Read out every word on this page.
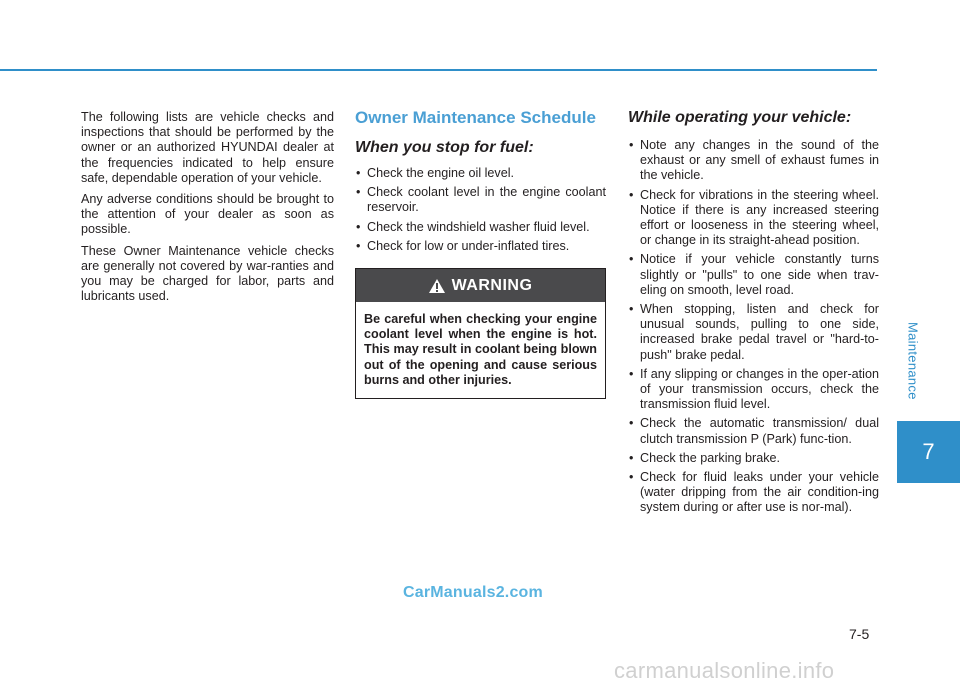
The following lists are vehicle checks and inspections that should be performed by the owner or an authorized HYUNDAI dealer at the frequencies indicated to help ensure safe, dependable operation of your vehicle.

Any adverse conditions should be brought to the attention of your dealer as soon as possible.

These Owner Maintenance vehicle checks are generally not covered by war-ranties and you may be charged for labor, parts and lubricants used.

Owner Maintenance Schedule
When you stop for fuel:
• Check the engine oil level.
• Check coolant level in the engine coolant reservoir.
• Check the windshield washer fluid level.
• Check for low or under-inflated tires.
WARNING
Be careful when checking your engine coolant level when the engine is hot. This may result in coolant being blown out of the opening and cause serious burns and other injuries.
While operating your vehicle:
• Note any changes in the sound of the exhaust or any smell of exhaust fumes in the vehicle.
• Check for vibrations in the steering wheel. Notice if there is any increased steering effort or looseness in the steering wheel, or change in its straight-ahead position.
• Notice if your vehicle constantly turns slightly or "pulls" to one side when trav-eling on smooth, level road.
• When stopping, listen and check for unusual sounds, pulling to one side, increased brake pedal travel or "hard-to-push" brake pedal.
• If any slipping or changes in the oper-ation of your transmission occurs, check the transmission fluid level.
• Check the automatic transmission/ dual clutch transmission P (Park) func-tion.
• Check the parking brake.
• Check for fluid leaks under your vehicle (water dripping from the air condition-ing system during or after use is nor-mal).
Maintenance
7
7-5
CarManuals2.com
carmanualsonline.info
